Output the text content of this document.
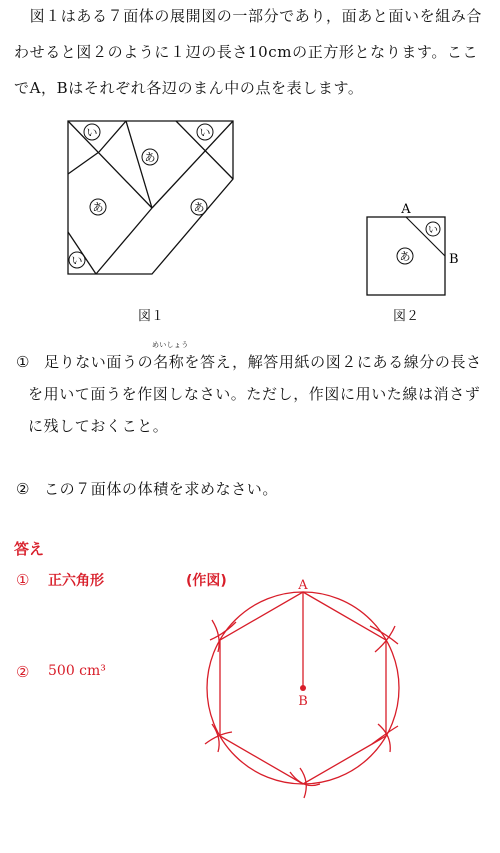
　図１はある７面体の展開図の一部分であり，面あと面いを組み合
わせると図２のように１辺の長さ10cmの正方形となります。ここ
でA，Bはそれぞれ各辺のまん中の点を表します。
い	い
あ
あ	あ
い
図１
A
B
い
あ
図２
①
めいしょう
足りない面うの名称を答え，解答用紙の図２にある線分の長さ
を用いて面うを作図しなさい。ただし，作図に用いた線は消さず
に残しておくこと。
② この７面体の体積を求めなさい。
答え
① 正六角形	(作図)
② 500 cm³
A
B
